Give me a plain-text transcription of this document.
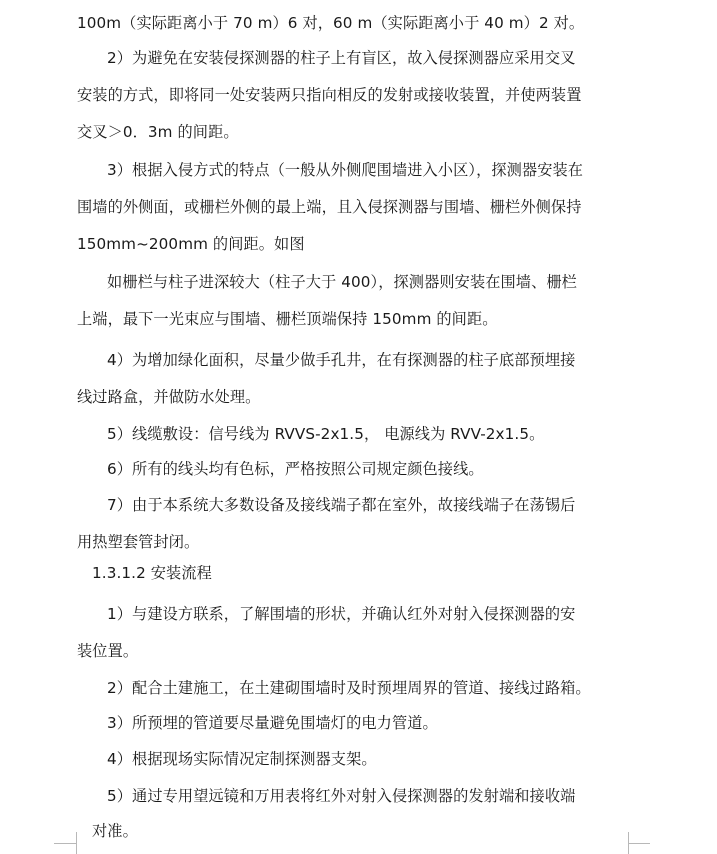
100m（实际距离小于 70 m）6 对，60 m（实际距离小于 40 m）2 对。
2）为避免在安装侵探测器的柱子上有盲区，故入侵探测器应采用交叉
安装的方式，即将同一处安装两只指向相反的发射或接收装置，并使两装置
交叉＞0．3m 的间距。
3）根据入侵方式的特点（一般从外侧爬围墙进入小区），探测器安装在
围墙的外侧面，或栅栏外侧的最上端，且入侵探测器与围墙、栅栏外侧保持
150mm~200mm 的间距。如图
如栅栏与柱子进深较大（柱子大于 400），探测器则安装在围墙、栅栏
上端，最下一光束应与围墙、栅栏顶端保持 150mm 的间距。
4）为增加绿化面积，尽量少做手孔井，在有探测器的柱子底部预埋接
线过路盒，并做防水处理。
5）线缆敷设：信号线为 RVVS-2x1.5， 电源线为 RVV-2x1.5。
6）所有的线头均有色标，严格按照公司规定颜色接线。
7）由于本系统大多数设备及接线端子都在室外，故接线端子在荡锡后
用热塑套管封闭。
1.3.1.2 安装流程
1）与建设方联系，了解围墙的形状，并确认红外对射入侵探测器的安
装位置。
2）配合土建施工，在土建砌围墙时及时预埋周界的管道、接线过路箱。
3）所预埋的管道要尽量避免围墙灯的电力管道。
4）根据现场实际情况定制探测器支架。
5）通过专用望远镜和万用表将红外对射入侵探测器的发射端和接收端
对准。
